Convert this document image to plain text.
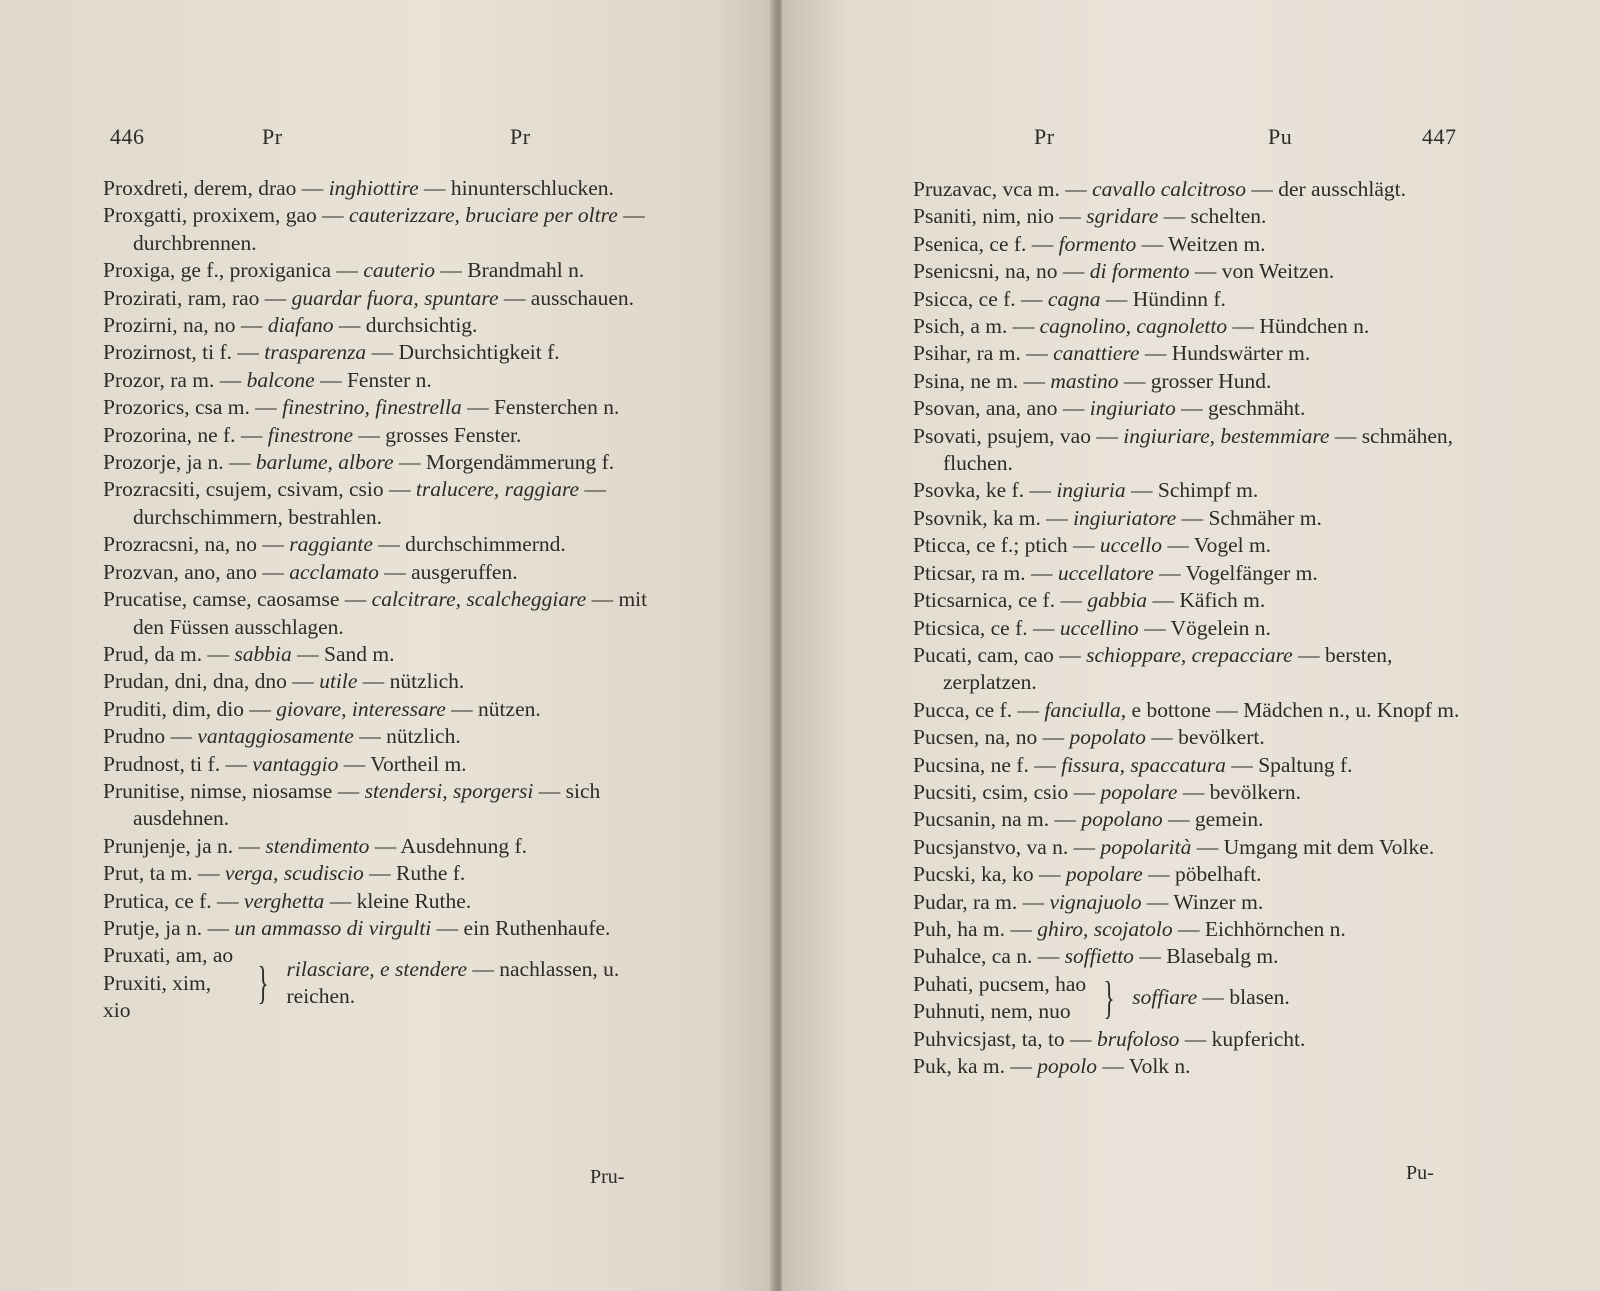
446	Pr	Pr

Proxdreti, derem, drao — inghiottire — hinunterschlucken.

Proxgatti, proxixem, gao — cauterizzare, bruciare per oltre — durchbrennen.

Proxiga, ge f., proxiganica — cauterio — Brandmahl n.

Prozirati, ram, rao — guardar fuora, spuntare — ausschauen.

Prozirni, na, no — diafano — durchsichtig.

Prozirnost, ti f. — trasparenza — Durchsichtigkeit f.

Prozor, ra m. — balcone — Fenster n.

Prozorics, csa m. — finestrino, finestrella — Fensterchen n.

Prozorina, ne f. — finestrone — grosses Fenster.

Prozorje, ja n. — barlume, albore — Morgendämmerung f.

Prozracsiti, csujem, csivam, csio — tralucere, raggiare — durchschimmern, bestrahlen.

Prozracsni, na, no — raggiante — durchschimmernd.

Prozvan, ano, ano — acclamato — ausgeruffen.

Prucatise, camse, caosamse — calcitrare, scalcheggiare — mit den Füssen ausschlagen.

Prud, da m. — sabbia — Sand m.

Prudan, dni, dna, dno — utile — nützlich.

Pruditi, dim, dio — giovare, interessare — nützen.

Prudno — vantaggiosamente — nützlich.

Prudnost, ti f. — vantaggio — Vortheil m.

Prunitise, nimse, niosamse — stendersi, sporgersi — sich ausdehnen.

Prunjenje, ja n. — stendimento — Ausdehnung f.

Prut, ta m. — verga, scudiscio — Ruthe f.

Prutica, ce f. — verghetta — kleine Ruthe.

Prutje, ja n. — un ammasso di virgulti — ein Ruthenhaufe.

Pruxati, am, ao
Pruxiti, xim, xio
} rilasciare, e stendere — nachlassen, u. reichen.
Pru-
Pr	Pu	447

Pruzavac, vca m. — cavallo calcitroso — der ausschlägt.

Psaniti, nim, nio — sgridare — schelten.

Psenica, ce f. — formento — Weitzen m.

Psenicsni, na, no — di formento — von Weitzen.

Psicca, ce f. — cagna — Hündinn f.

Psich, a m. — cagnolino, cagnoletto — Hündchen n.

Psihar, ra m. — canattiere — Hundswärter m.

Psina, ne m. — mastino — grosser Hund.

Psovan, ana, ano — ingiuriato — geschmäht.

Psovati, psujem, vao — ingiuriare, bestemmiare — schmähen, fluchen.

Psovka, ke f. — ingiuria — Schimpf m.

Psovnik, ka m. — ingiuriatore — Schmäher m.

Pticca, ce f.; ptich — uccello — Vogel m.

Pticsar, ra m. — uccellatore — Vogelfänger m.

Pticsarnica, ce f. — gabbia — Käfich m.

Pticsica, ce f. — uccellino — Vögelein n.

Pucati, cam, cao — schioppare, crepacciare — bersten, zerplatzen.

Pucca, ce f. — fanciulla, e bottone — Mädchen n., u. Knopf m.

Pucsen, na, no — popolato — bevölkert.

Pucsina, ne f. — fissura, spaccatura — Spaltung f.

Pucsiti, csim, csio — popolare — bevölkern.

Pucsanin, na m. — popolano — gemein.

Pucsjanstvo, va n. — popolarità — Umgang mit dem Volke.

Pucski, ka, ko — popolare — pöbelhaft.

Pudar, ra m. — vignajuolo — Winzer m.

Puh, ha m. — ghiro, scojatolo — Eichhörnchen n.

Puhalce, ca n. — soffietto — Blasebalg m.

Puhati, pucsem, hao
Puhnuti, nem, nuo } soffiare — blasen.

Puhvicsjast, ta, to — brufoloso — kupfericht.

Puk, ka m. — popolo — Volk n.

Pu-
